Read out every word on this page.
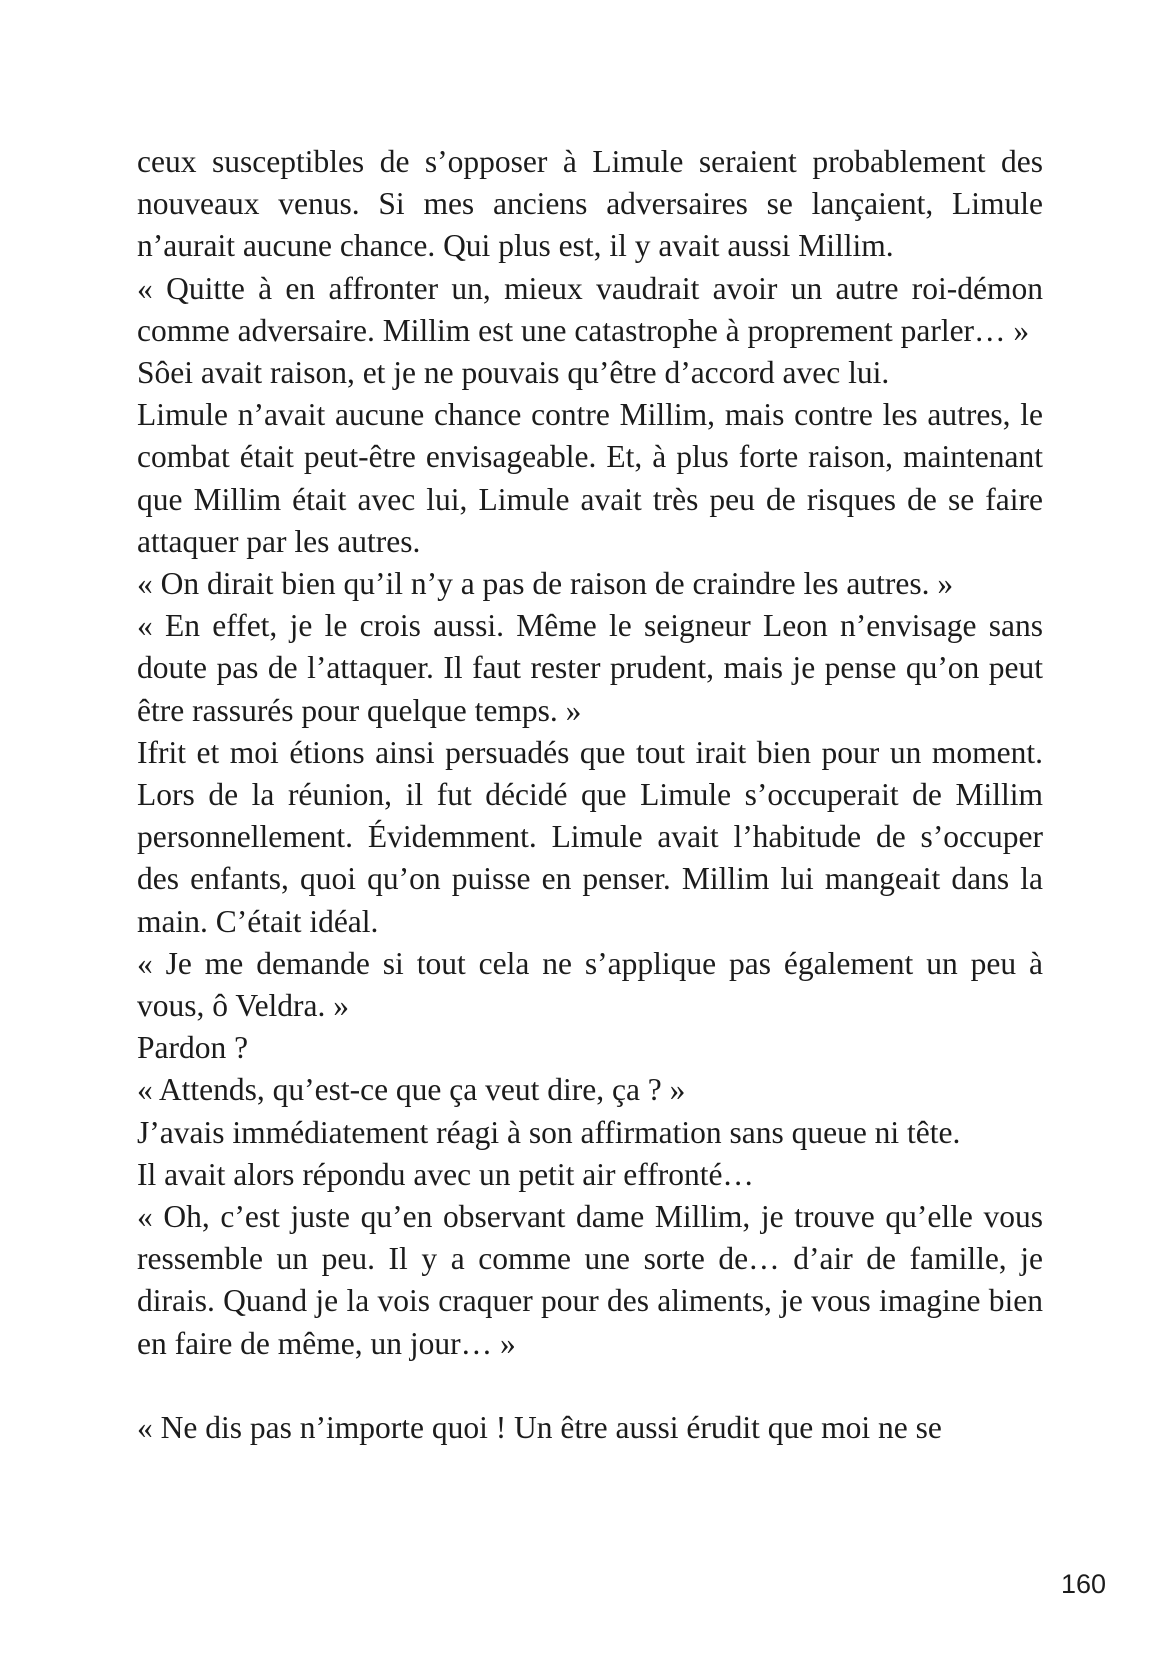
ceux susceptibles de s’opposer à Limule seraient probablement des nouveaux venus. Si mes anciens adversaires se lançaient, Limule n’aurait aucune chance. Qui plus est, il y avait aussi Millim.

« Quitte à en affronter un, mieux vaudrait avoir un autre roi-démon comme adversaire. Millim est une catastrophe à proprement parler… »

Sôei avait raison, et je ne pouvais qu’être d’accord avec lui.

Limule n’avait aucune chance contre Millim, mais contre les autres, le combat était peut-être envisageable. Et, à plus forte raison, maintenant que Millim était avec lui, Limule avait très peu de risques de se faire attaquer par les autres.

« On dirait bien qu’il n’y a pas de raison de craindre les autres. »

« En effet, je le crois aussi. Même le seigneur Leon n’envisage sans doute pas de l’attaquer. Il faut rester prudent, mais je pense qu’on peut être rassurés pour quelque temps. »

Ifrit et moi étions ainsi persuadés que tout irait bien pour un moment. Lors de la réunion, il fut décidé que Limule s’occuperait de Millim personnellement. Évidemment. Limule avait l’habitude de s’occuper des enfants, quoi qu’on puisse en penser. Millim lui mangeait dans la main. C’était idéal.

« Je me demande si tout cela ne s’applique pas également un peu à vous, ô Veldra. »

Pardon ?

« Attends, qu’est-ce que ça veut dire, ça ? »

J’avais immédiatement réagi à son affirmation sans queue ni tête.

Il avait alors répondu avec un petit air effronté…

« Oh, c’est juste qu’en observant dame Millim, je trouve qu’elle vous ressemble un peu. Il y a comme une sorte de… d’air de famille, je dirais. Quand je la vois craquer pour des aliments, je vous imagine bien en faire de même, un jour… »

« Ne dis pas n’importe quoi ! Un être aussi érudit que moi ne se

160
